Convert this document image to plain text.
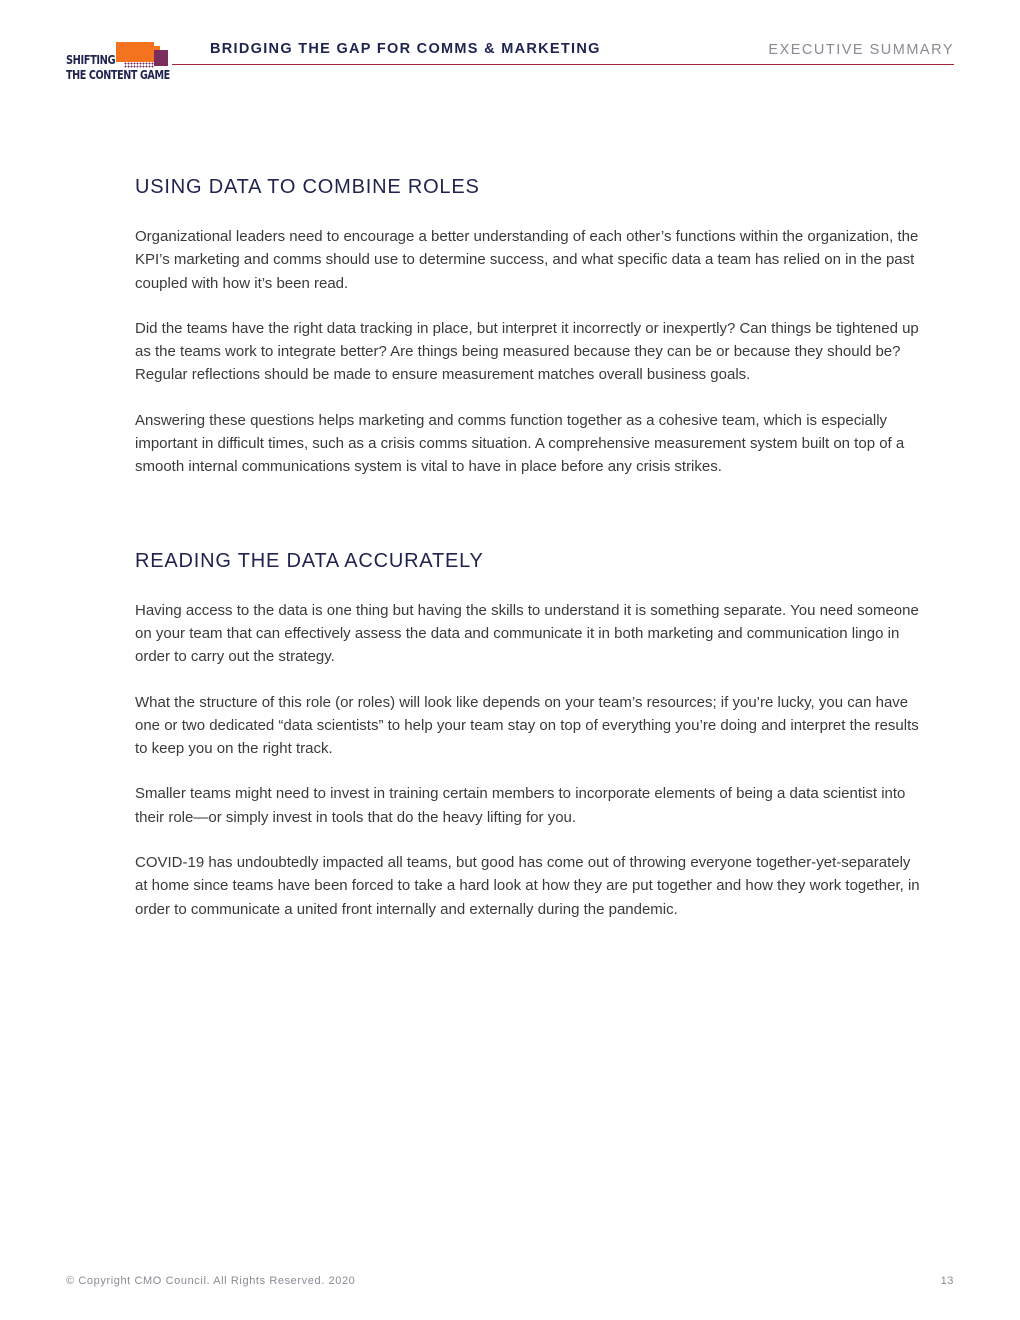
SHIFTING
THE CONTENT GAME
BRIDGING THE GAP FOR COMMS & MARKETING	EXECUTIVE SUMMARY
USING DATA TO COMBINE ROLES

Organizational leaders need to encourage a better understanding of each other’s functions within the organization, the KPI’s marketing and comms should use to determine success, and what specific data a team has relied on in the past coupled with how it’s been read.

Did the teams have the right data tracking in place, but interpret it incorrectly or inexpertly? Can things be tightened up as the teams work to integrate better? Are things being measured because they can be or because they should be? Regular reflections should be made to ensure measurement matches overall business goals.

Answering these questions helps marketing and comms function together as a cohesive team, which is especially important in difficult times, such as a crisis comms situation. A comprehensive measurement system built on top of a smooth internal communications system is vital to have in place before any crisis strikes.

READING THE DATA ACCURATELY

Having access to the data is one thing but having the skills to understand it is something separate. You need someone on your team that can effectively assess the data and communicate it in both marketing and communication lingo in order to carry out the strategy.

What the structure of this role (or roles) will look like depends on your team’s resources; if you’re lucky, you can have one or two dedicated “data scientists” to help your team stay on top of everything you’re doing and interpret the results to keep you on the right track.

Smaller teams might need to invest in training certain members to incorporate elements of being a data scientist into their role—or simply invest in tools that do the heavy lifting for you.

COVID-19 has undoubtedly impacted all teams, but good has come out of throwing everyone together-yet-separately at home since teams have been forced to take a hard look at how they are put together and how they work together, in order to communicate a united front internally and externally during the pandemic.

© Copyright CMO Council. All Rights Reserved. 2020	13
